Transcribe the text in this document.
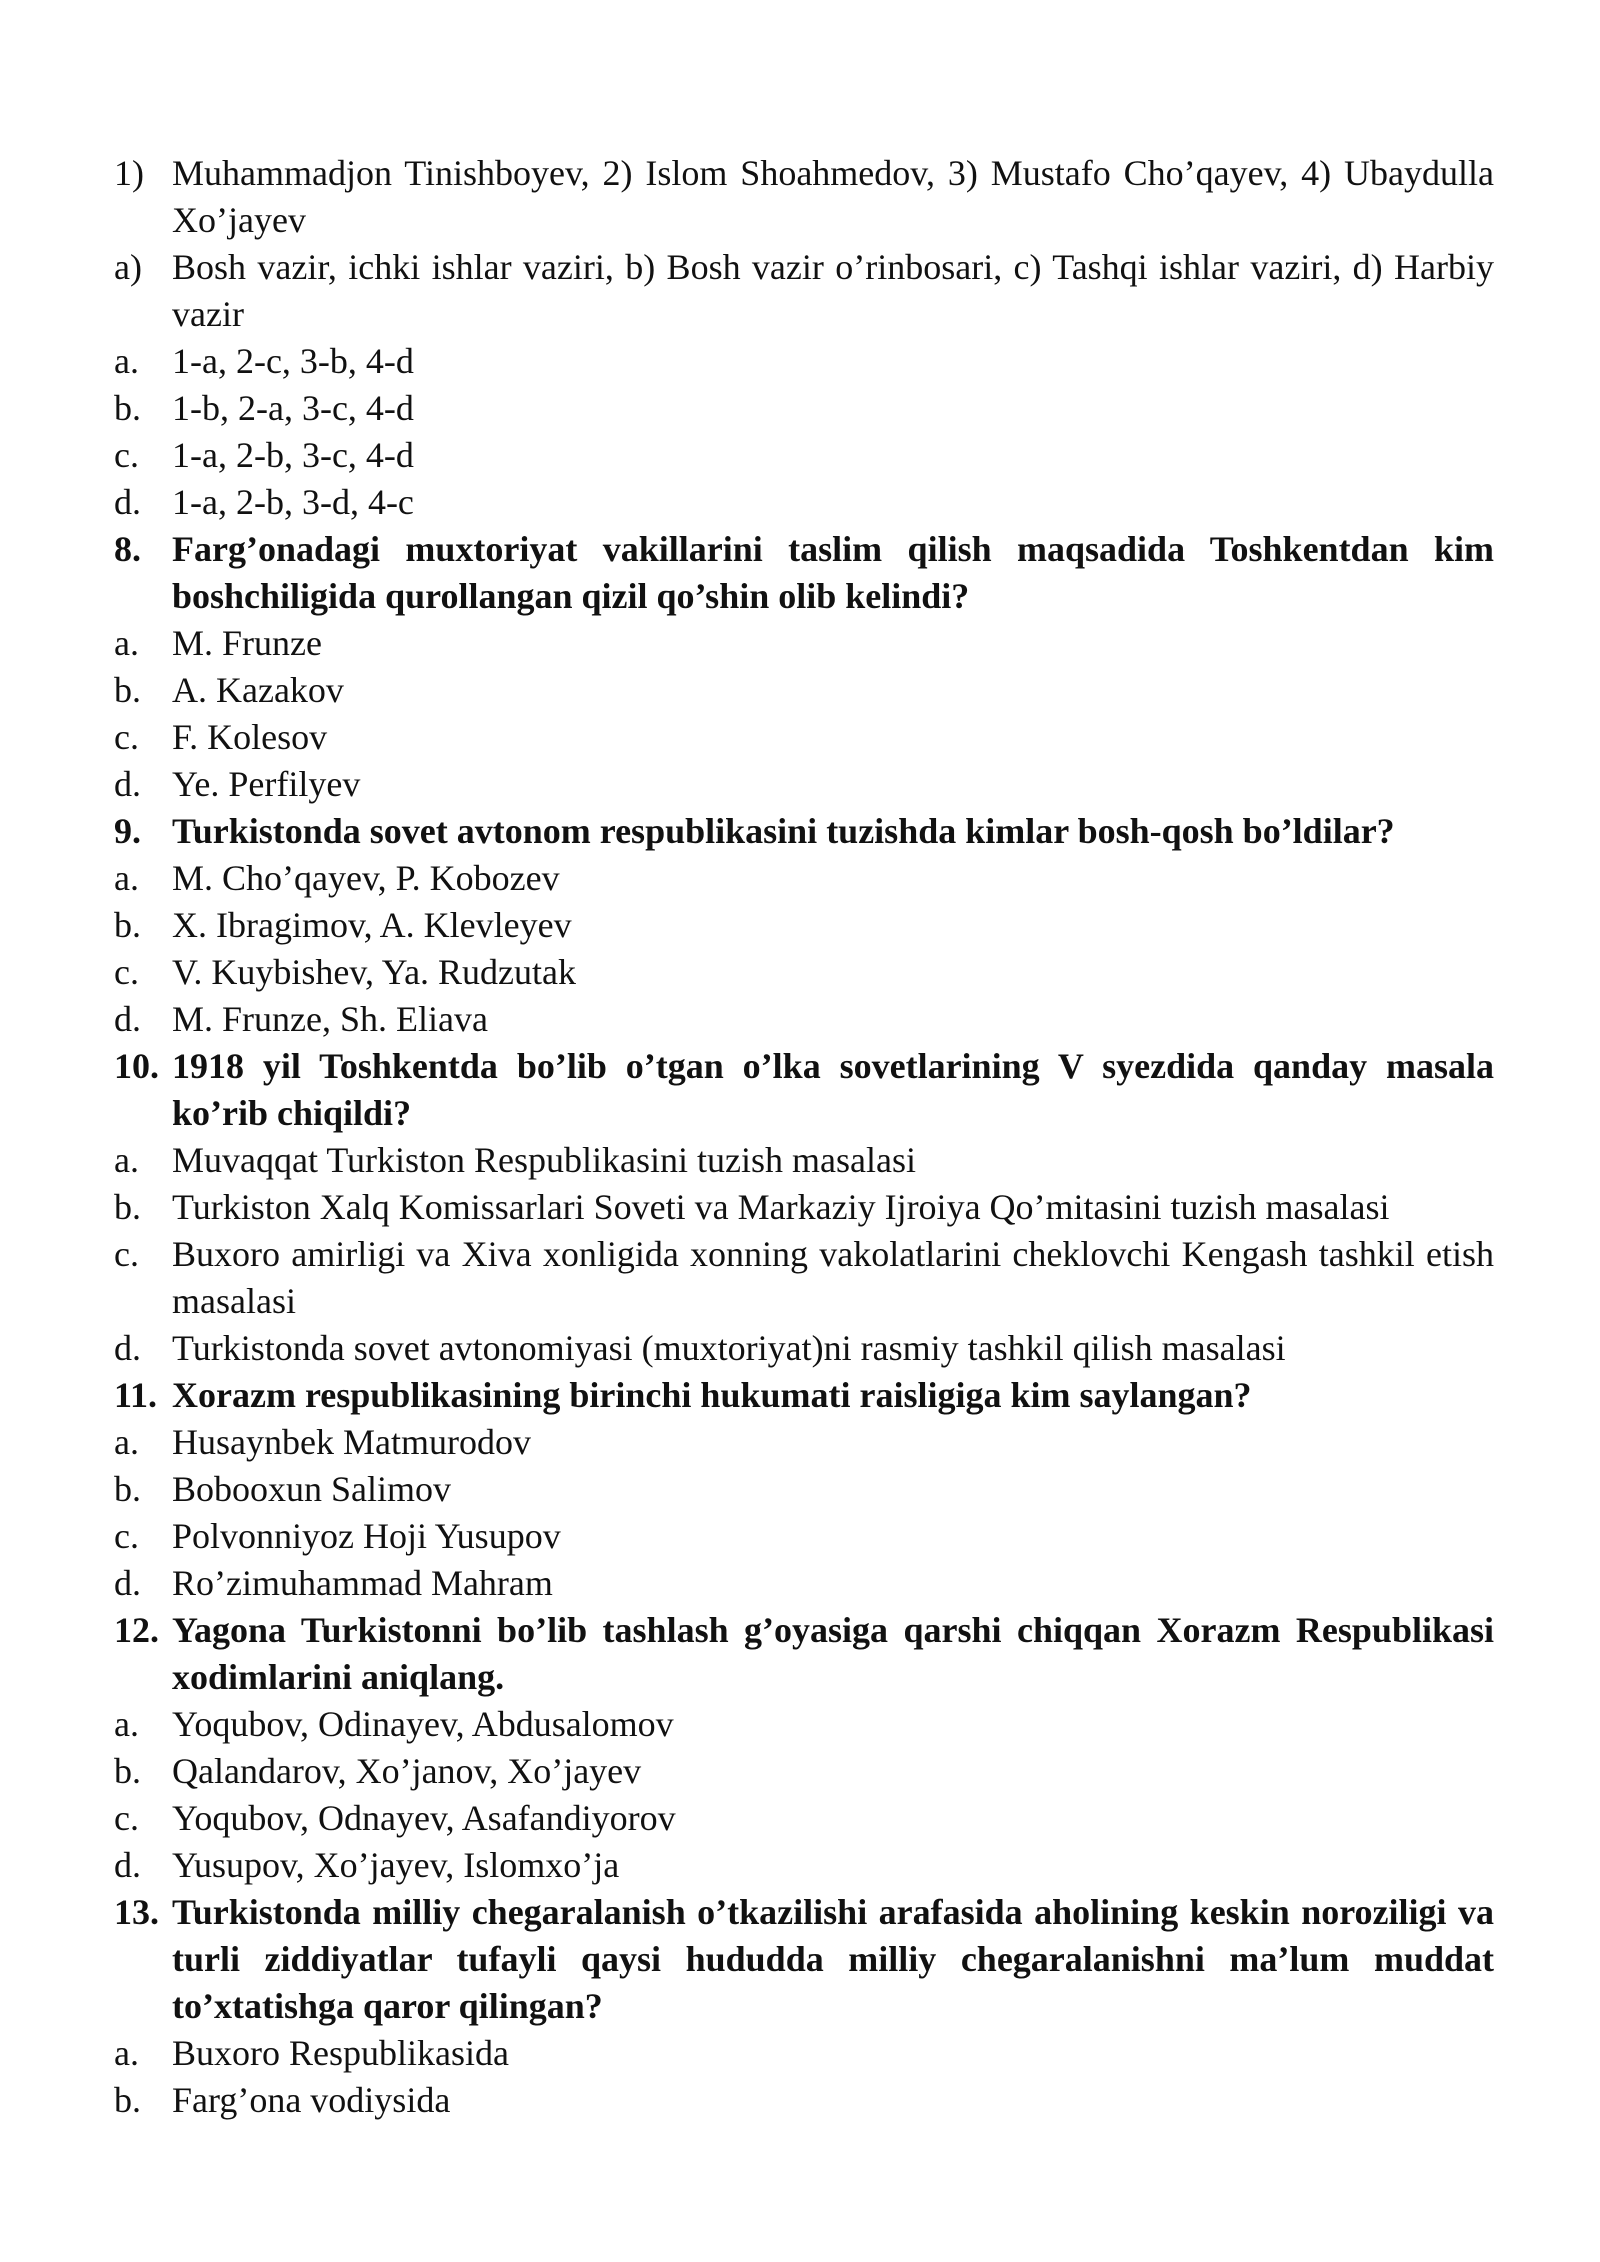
1) Muhammadjon Tinishboyev, 2) Islom Shoahmedov, 3) Mustafo Cho’qayev, 4) Ubaydulla Xo’jayev
a) Bosh vazir, ichki ishlar vaziri, b) Bosh vazir o’rinbosari, c) Tashqi ishlar vaziri, d) Harbiy vazir
a. 1-a, 2-c, 3-b, 4-d
b. 1-b, 2-a, 3-c, 4-d
c. 1-a, 2-b, 3-c, 4-d
d. 1-a, 2-b, 3-d, 4-c
8. Farg’onadagi muxtoriyat vakillarini taslim qilish maqsadida Toshkentdan kim boshchiligida qurollangan qizil qo’shin olib kelindi?
a. M. Frunze
b. A. Kazakov
c. F. Kolesov
d. Ye. Perfilyev
9. Turkistonda sovet avtonom respublikasini tuzishda kimlar bosh-qosh bo’ldilar?
a. M. Cho’qayev, P. Kobozev
b. X. Ibragimov, A. Klevleyev
c. V. Kuybishev, Ya. Rudzutak
d. M. Frunze, Sh. Eliava
10. 1918 yil Toshkentda bo’lib o’tgan o’lka sovetlarining V syezdida qanday masala ko’rib chiqildi?
a. Muvaqqat Turkiston Respublikasini tuzish masalasi
b. Turkiston Xalq Komissarlari Soveti va Markaziy Ijroiya Qo’mitasini tuzish masalasi
c. Buxoro amirligi va Xiva xonligida xonning vakolatlarini cheklovchi Kengash tashkil etish masalasi
d. Turkistonda sovet avtonomiyasi (muxtoriyat)ni rasmiy tashkil qilish masalasi
11. Xorazm respublikasining birinchi hukumati raisligiga kim saylangan?
a. Husaynbek Matmurodov
b. Bobooxun Salimov
c. Polvonniyoz Hoji Yusupov
d. Ro’zimuhammad Mahram
12. Yagona Turkistonni bo’lib tashlash g’oyasiga qarshi chiqqan Xorazm Respublikasi xodimlarini aniqlang.
a. Yoqubov, Odinayev, Abdusalomov
b. Qalandarov, Xo’janov, Xo’jayev
c. Yoqubov, Odnayev, Asafandiyorov
d. Yusupov, Xo’jayev, Islomxo’ja
13. Turkistonda milliy chegaralanish o’tkazilishi arafasida aholining keskin noroziligi va turli ziddiyatlar tufayli qaysi hududda milliy chegaralanishni ma’lum muddat to’xtatishga qaror qilingan?
a. Buxoro Respublikasida
b. Farg’ona vodiysida
